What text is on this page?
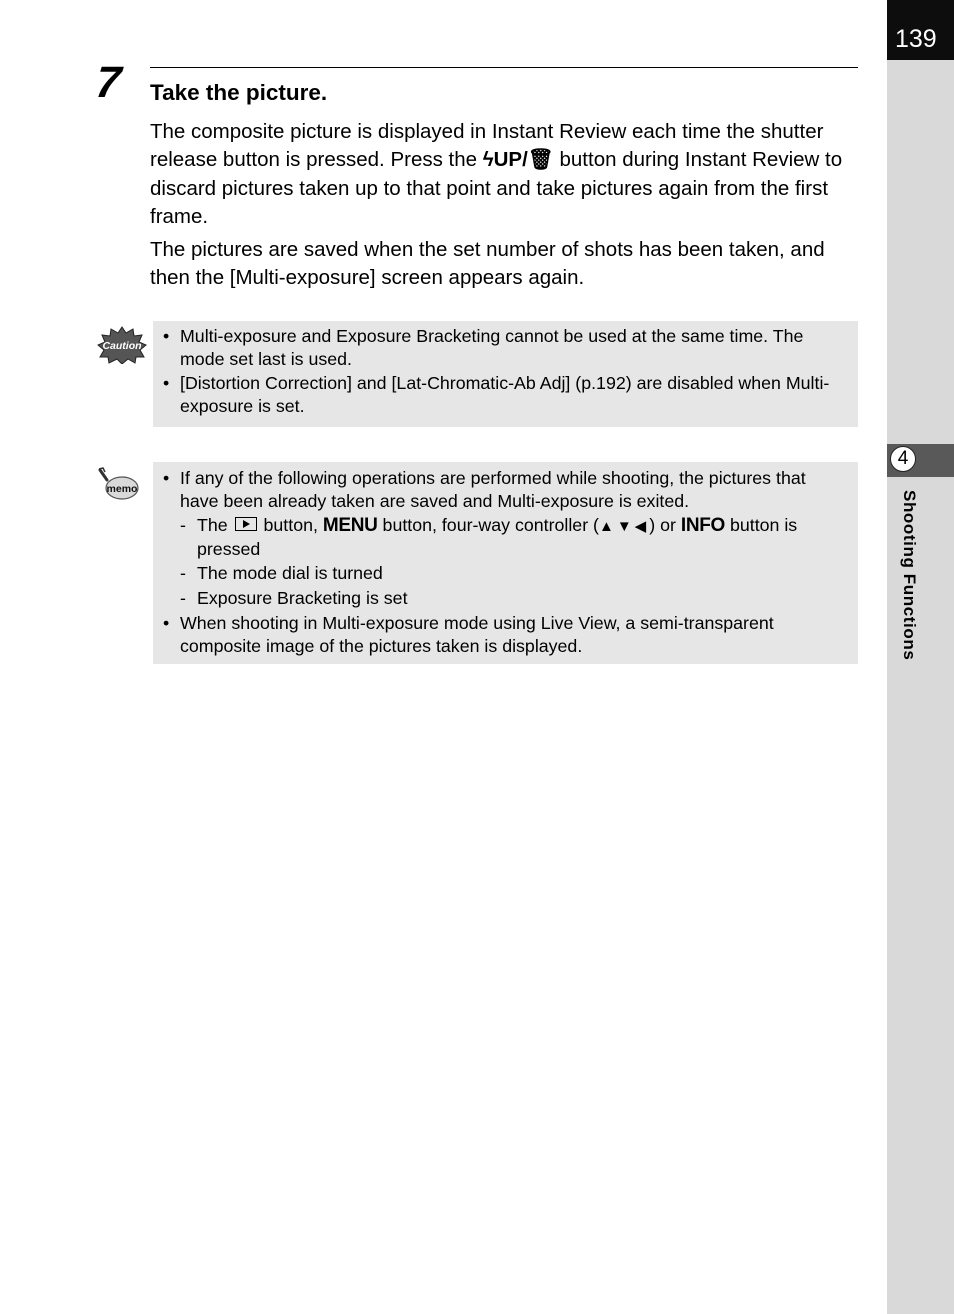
139
4
Shooting Functions
7 Take the picture.
The composite picture is displayed in Instant Review each time the shutter release button is pressed. Press the ϟUP/🗑 button during Instant Review to discard pictures taken up to that point and take pictures again from the first frame.
The pictures are saved when the set number of shots has been taken, and then the [Multi-exposure] screen appears again.
Caution
•	Multi-exposure and Exposure Bracketing cannot be used at the same time. The mode set last is used.
• [Distortion Correction] and [Lat-Chromatic-Ab Adj] (p.192) are disabled when Multi-exposure is set.
memo
• If any of the following operations are performed while shooting, the pictures that have been already taken are saved and Multi-exposure is exited.
- The  button, MENU button, four-way controller (▲▼◀) or INFO button is pressed
- The mode dial is turned
- Exposure Bracketing is set
• When shooting in Multi-exposure mode using Live View, a semi-transparent composite image of the pictures taken is displayed.
